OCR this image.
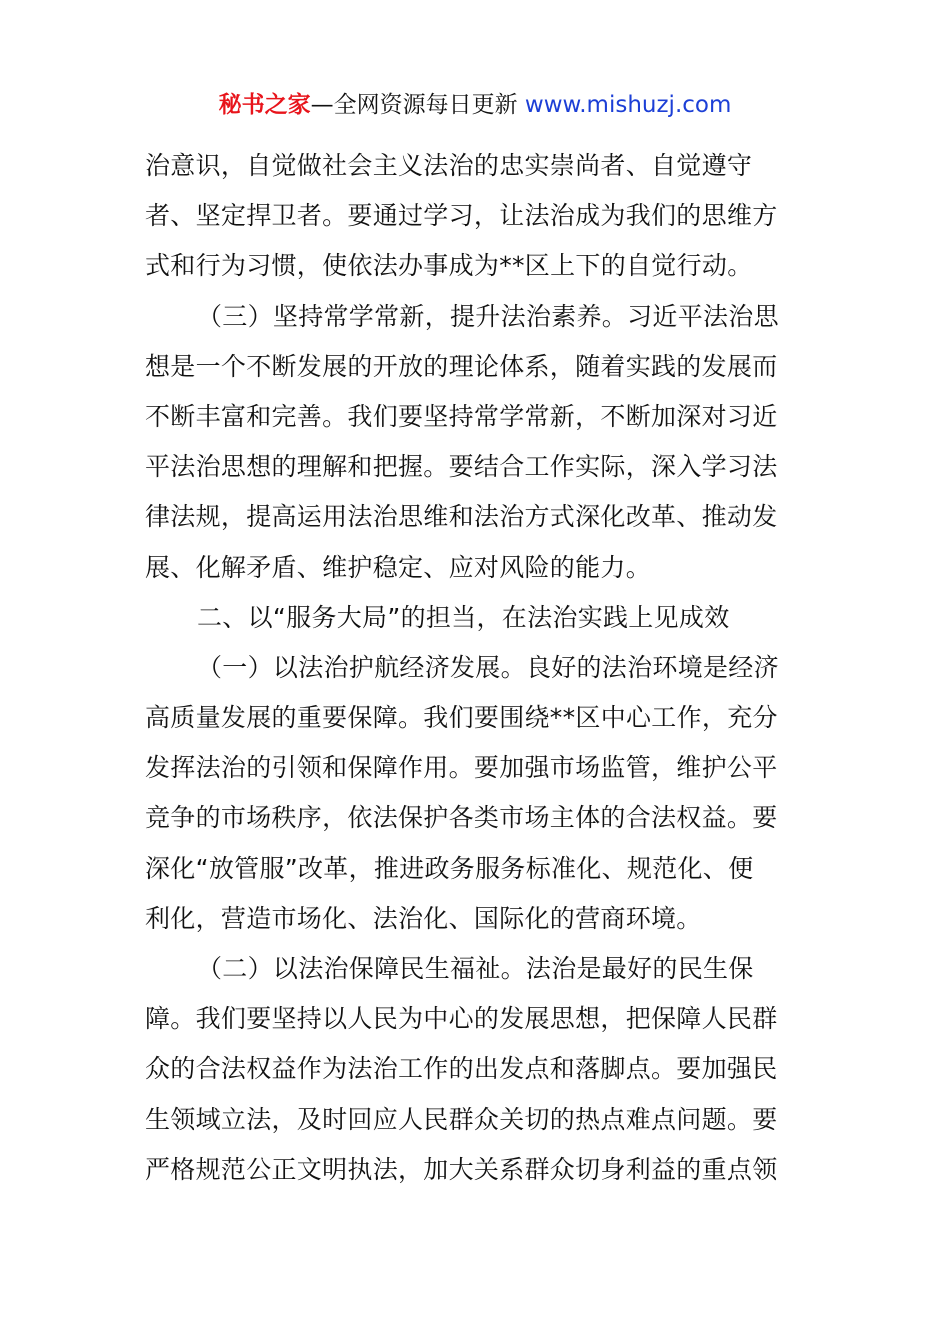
秘书之家—全网资源每日更新 www.mishuzj.com
治意识，自觉做社会主义法治的忠实崇尚者、自觉遵守
者、坚定捍卫者。要通过学习，让法治成为我们的思维方
式和行为习惯，使依法办事成为**区上下的自觉行动。
（三）坚持常学常新，提升法治素养。习近平法治思
想是一个不断发展的开放的理论体系，随着实践的发展而
不断丰富和完善。我们要坚持常学常新，不断加深对习近
平法治思想的理解和把握。要结合工作实际，深入学习法
律法规，提高运用法治思维和法治方式深化改革、推动发
展、化解矛盾、维护稳定、应对风险的能力。
二、以“服务大局”的担当，在法治实践上见成效
（一）以法治护航经济发展。良好的法治环境是经济
高质量发展的重要保障。我们要围绕**区中心工作，充分
发挥法治的引领和保障作用。要加强市场监管，维护公平
竞争的市场秩序，依法保护各类市场主体的合法权益。要
深化“放管服”改革，推进政务服务标准化、规范化、便
利化，营造市场化、法治化、国际化的营商环境。
（二）以法治保障民生福祉。法治是最好的民生保
障。我们要坚持以人民为中心的发展思想，把保障人民群
众的合法权益作为法治工作的出发点和落脚点。要加强民
生领域立法，及时回应人民群众关切的热点难点问题。要
严格规范公正文明执法，加大关系群众切身利益的重点领
